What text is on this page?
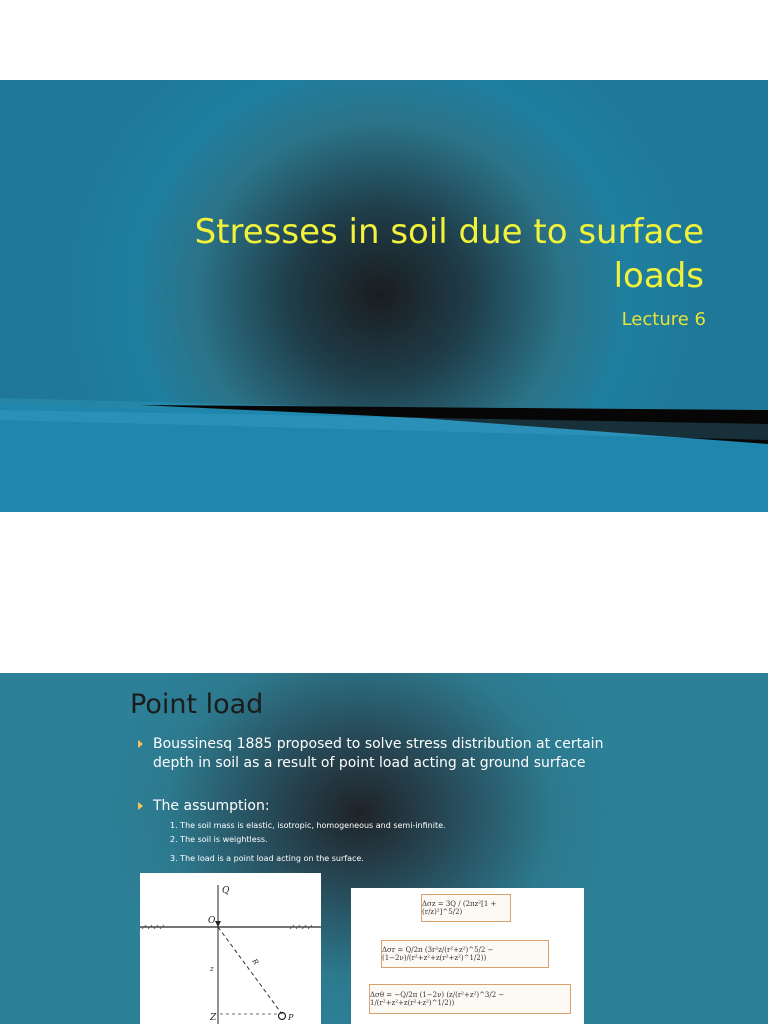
Stresses in soil due to surface
loads
Lecture 6
Point load
Boussinesq 1885 proposed to solve stress distribution at certain depth in soil as a result of point load acting at ground surface
The assumption:
1. The soil mass is elastic, isotropic, homogeneous and semi-infinite.
2. The soil is weightless.
3. The load is a point load acting on the surface.
Q
O
z
Z	P
R
Δσz = 3Q / (2πz²[1 + (r/z)²]^5/2)
Δσr = Q/2π (3r²z/(r²+z²)^5/2 − (1−2ν)/(r²+z²+z(r²+z²)^1/2))
Δσθ = −Q/2π (1−2ν) (z/(r²+z²)^3/2 − 1/(r²+z²+z(r²+z²)^1/2))
